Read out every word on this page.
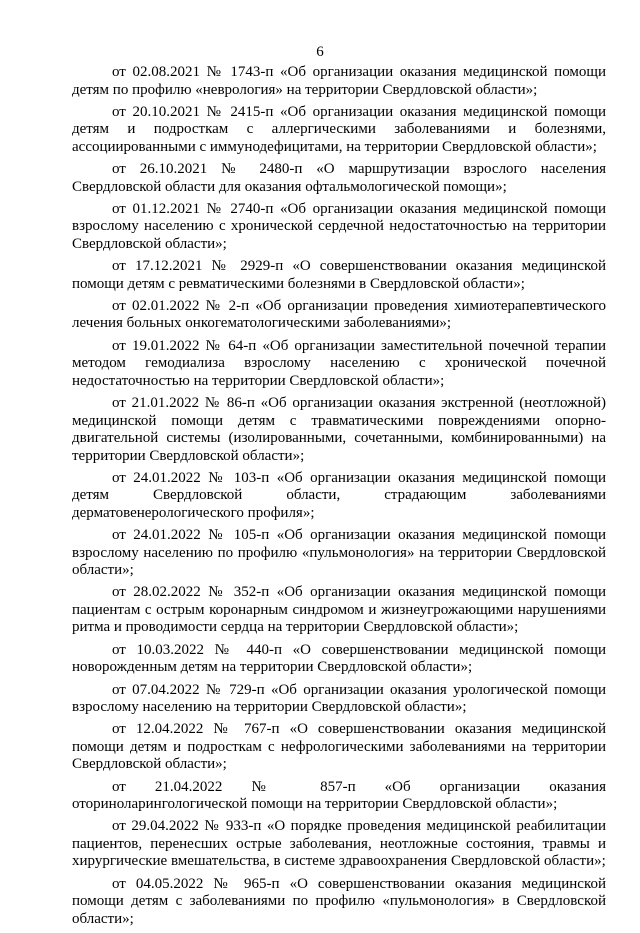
6

от 02.08.2021 № 1743-п «Об организации оказания медицинской помощи детям по профилю «неврология» на территории Свердловской области»;

от 20.10.2021 № 2415-п «Об организации оказания медицинской помощи детям и подросткам с аллергическими заболеваниями и болезнями, ассоциированными с иммунодефицитами, на территории Свердловской области»;

от 26.10.2021 № 2480-п «О маршрутизации взрослого населения Свердловской области для оказания офтальмологической помощи»;

от 01.12.2021 № 2740-п «Об организации оказания медицинской помощи взрослому населению с хронической сердечной недостаточностью на территории Свердловской области»;

от 17.12.2021 № 2929-п «О совершенствовании оказания медицинской помощи детям с ревматическими болезнями в Свердловской области»;

от 02.01.2022 № 2-п «Об организации проведения химиотерапевтического лечения больных онкогематологическими заболеваниями»;

от 19.01.2022 № 64-п «Об организации заместительной почечной терапии методом гемодиализа взрослому населению с хронической почечной недостаточностью на территории Свердловской области»;

от 21.01.2022 № 86-п «Об организации оказания экстренной (неотложной) медицинской помощи детям с травматическими повреждениями опорно-двигательной системы (изолированными, сочетанными, комбинированными) на территории Свердловской области»;

от 24.01.2022 № 103-п «Об организации оказания медицинской помощи детям Свердловской области, страдающим заболеваниями дерматовенерологического профиля»;

от 24.01.2022 № 105-п «Об организации оказания медицинской помощи взрослому населению по профилю «пульмонология» на территории Свердловской области»;

от 28.02.2022 № 352-п «Об организации оказания медицинской помощи пациентам с острым коронарным синдромом и жизнеугрожающими нарушениями ритма и проводимости сердца на территории Свердловской области»;

от 10.03.2022 № 440-п «О совершенствовании медицинской помощи новорожденным детям на территории Свердловской области»;

от 07.04.2022 № 729-п «Об организации оказания урологической помощи взрослому населению на территории Свердловской области»;

от 12.04.2022 № 767-п «О совершенствовании оказания медицинской помощи детям и подросткам с нефрологическими заболеваниями на территории Свердловской области»;

от 21.04.2022 № 857-п «Об организации оказания оториноларингологической помощи на территории Свердловской области»;

от 29.04.2022 № 933-п «О порядке проведения медицинской реабилитации пациентов, перенесших острые заболевания, неотложные состояния, травмы и хирургические вмешательства, в системе здравоохранения Свердловской области»;

от 04.05.2022 № 965-п «О совершенствовании оказания медицинской помощи детям с заболеваниями по профилю «пульмонология» в Свердловской области»;
